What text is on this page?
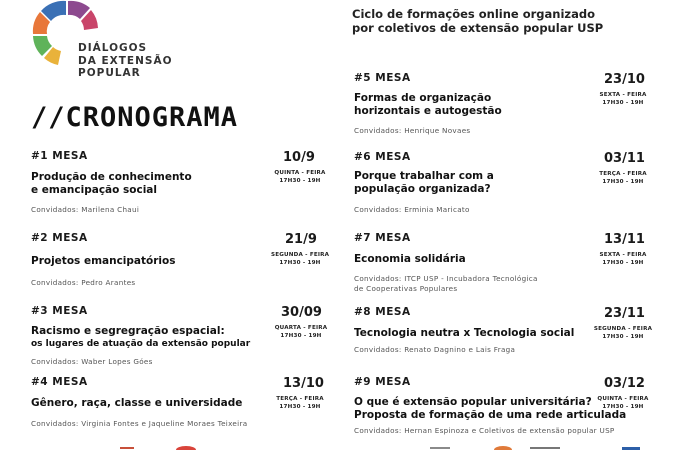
DIÁLOGOS
DA EXTENSÃO
POPULAR
Ciclo de formações online organizado
por coletivos de extensão popular USP
//CRONOGRAMA
#1 MESA
Produção de conhecimento
e emancipação social
Convidados: Marilena Chaui
10/9
QUINTA - FEIRA
17H30 - 19H
#2 MESA
Projetos emancipatórios
Convidados: Pedro Arantes
21/9
SEGUNDA - FEIRA
17H30 - 19H
#3 MESA
Racismo e segregração espacial:
os lugares de atuação da extensão popular
Convidados: Waber Lopes Góes
30/09
QUARTA - FEIRA
17H30 - 19H
#4 MESA
Gênero, raça, classe e universidade
Convidados: Virginia Fontes e Jaqueline Moraes Teixeira
13/10
TERÇA - FEIRA
17H30 - 19H
#5 MESA
Formas de organização
horizontais e autogestão
Convidados: Henrique Novaes
23/10
SEXTA - FEIRA
17H30 - 19H
#6 MESA
Porque trabalhar com a
população organizada?
Convidados: Erminia Maricato
03/11
TERÇA - FEIRA
17H30 - 19H
#7 MESA
Economia solidária
Convidados: ITCP USP - Incubadora Tecnológica
de Cooperativas Populares
13/11
SEXTA - FEIRA
17H30 - 19H
#8 MESA
Tecnologia neutra x Tecnologia social
Convidados: Renato Dagnino e Lais Fraga
23/11
SEGUNDA - FEIRA
17H30 - 19H
#9 MESA
O que é extensão popular universitária?
Proposta de formação de uma rede articulada
Convidados: Hernan Espinoza e Coletivos de extensão popular USP
03/12
QUINTA - FEIRA
17H30 - 19H
